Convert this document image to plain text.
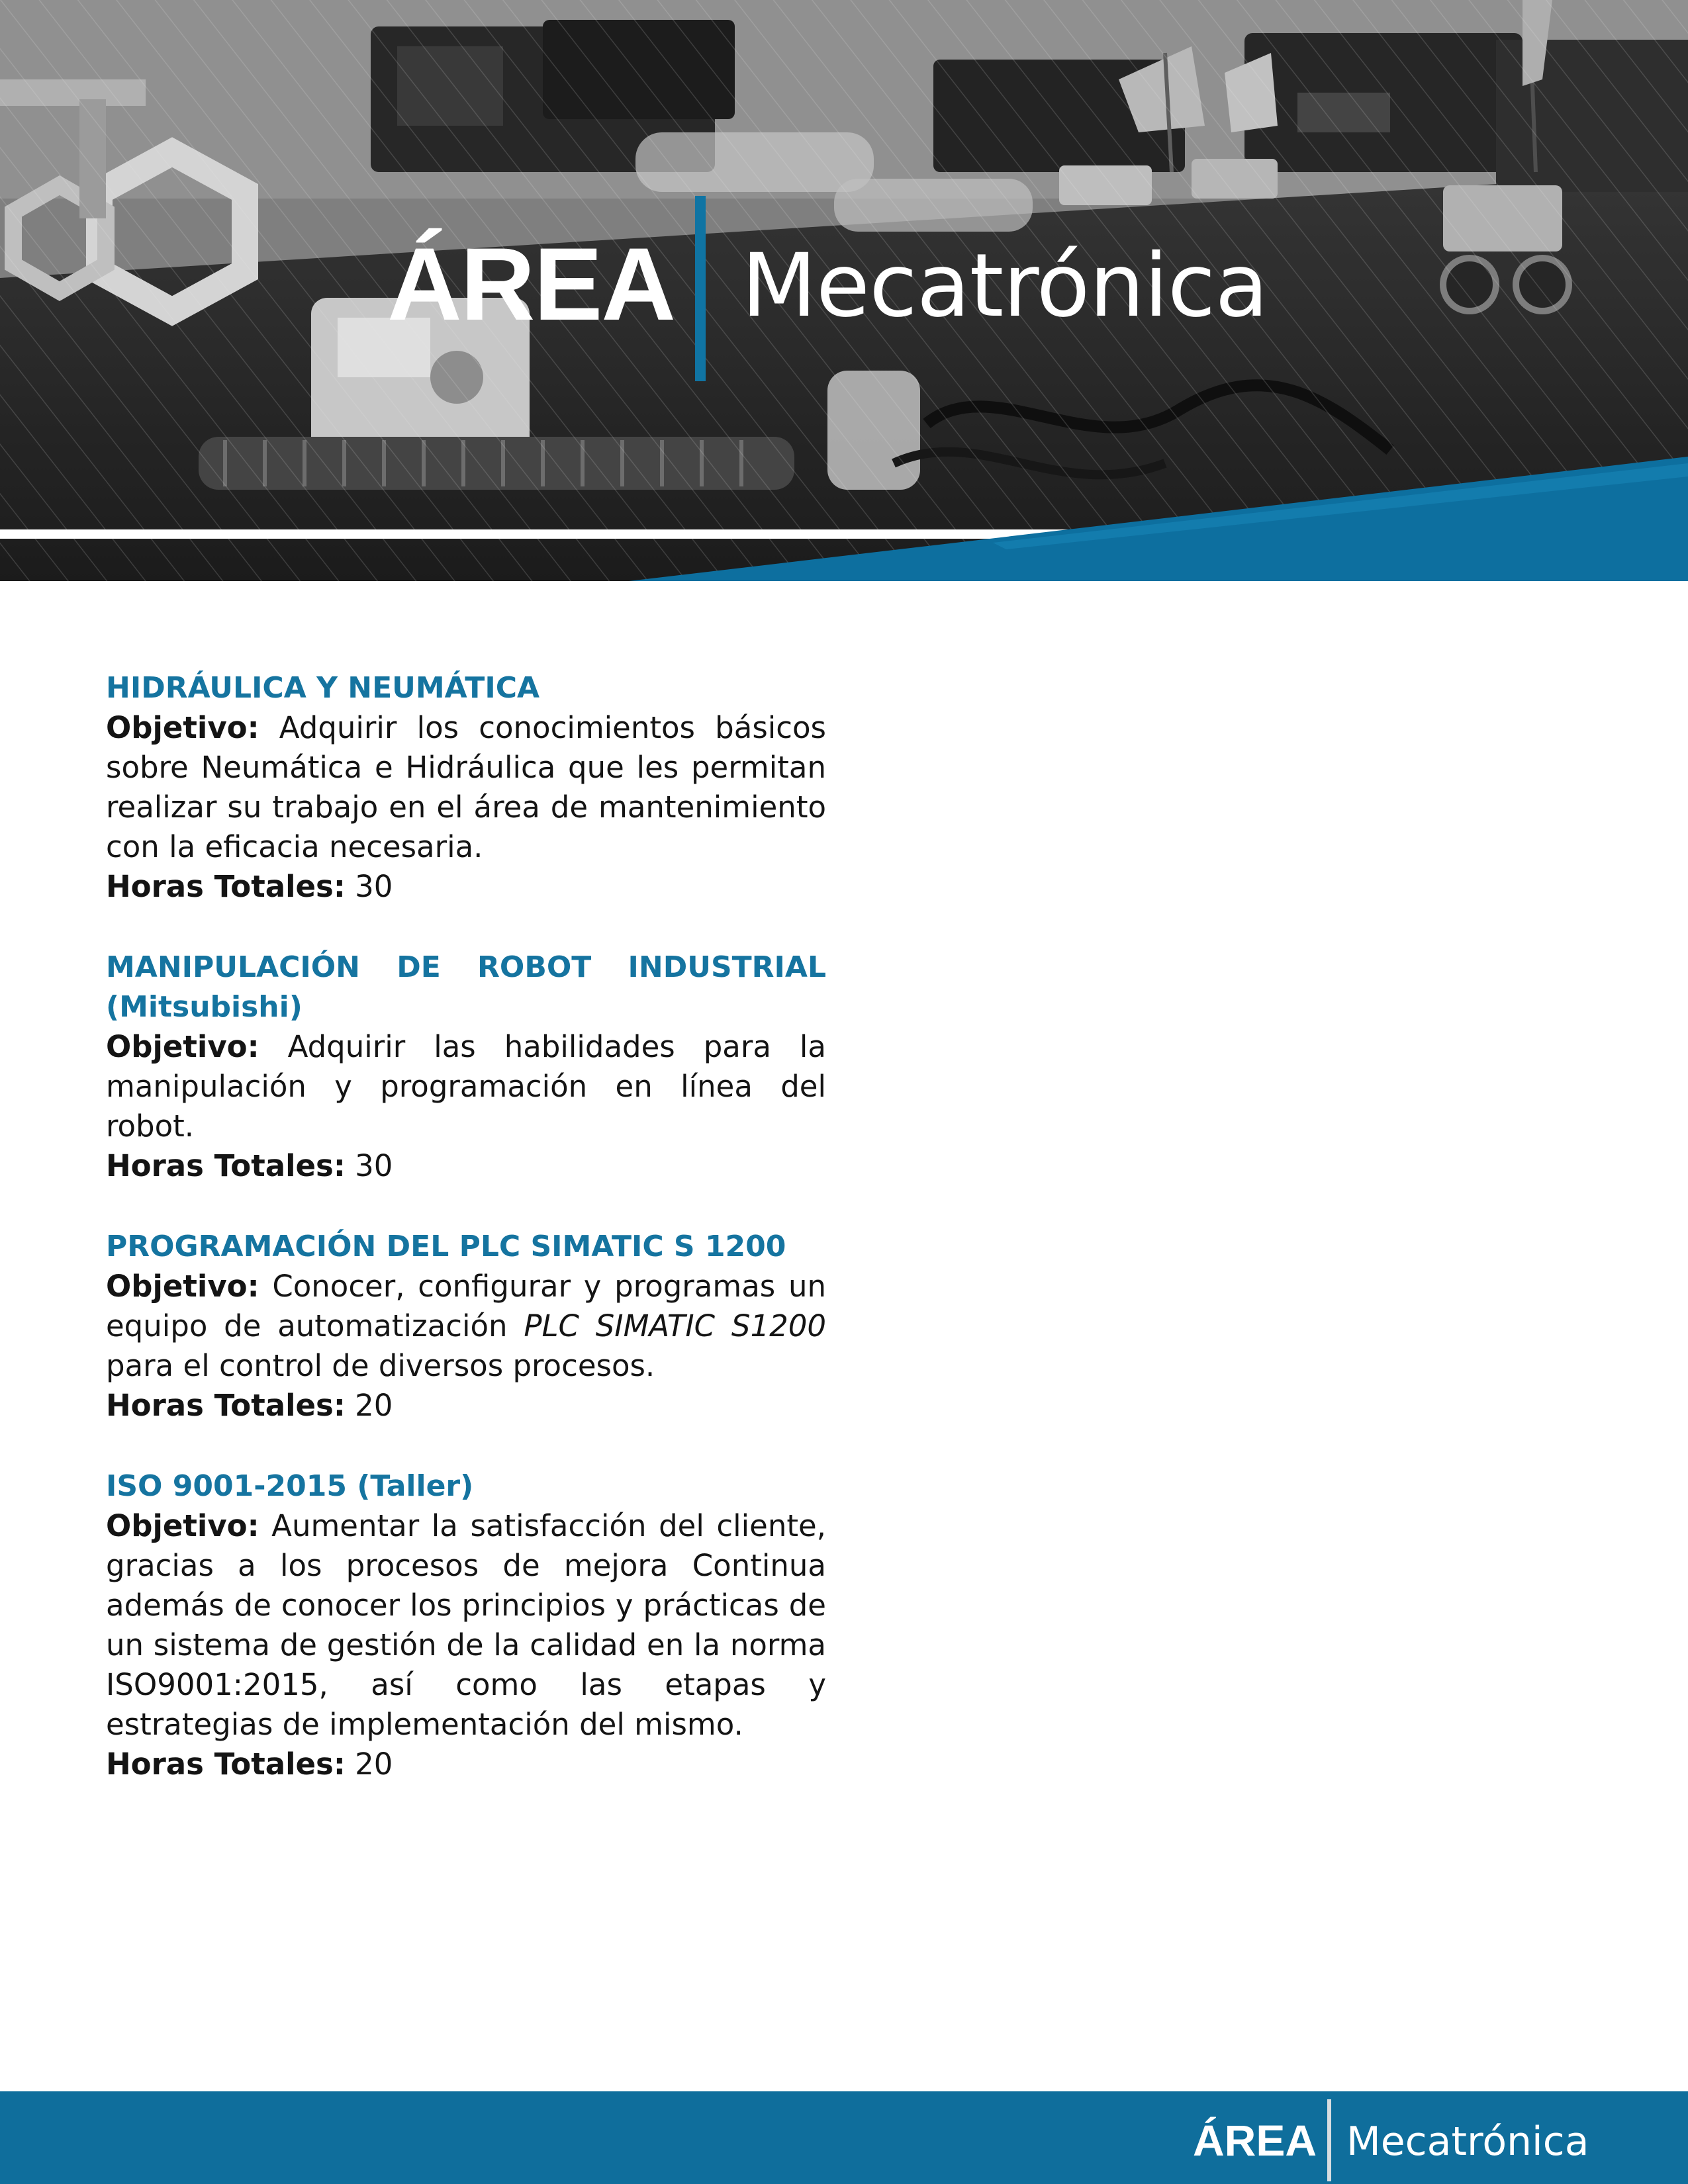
ÁREA Mecatrónica
HIDRÁULICA Y NEUMÁTICA
Objetivo: Adquirir los conocimientos básicos sobre Neumática e Hidráulica que les permitan realizar su trabajo en el área de mantenimiento con la eficacia necesaria.
Horas Totales: 30
MANIPULACIÓN DE ROBOT INDUSTRIAL (Mitsubishi)
Objetivo: Adquirir las habilidades para la manipulación y programación en línea del robot.
Horas Totales: 30
PROGRAMACIÓN DEL PLC SIMATIC S 1200
Objetivo: Conocer, configurar y programas un equipo de automatización PLC SIMATIC S1200 para el control de diversos procesos.
Horas Totales: 20
ISO 9001-2015 (Taller)
Objetivo: Aumentar la satisfacción del cliente, gracias a los procesos de mejora Continua además de conocer los principios y prácticas de un sistema de gestión de la calidad en la norma ISO9001:2015, así como las etapas y estrategias de implementación del mismo.
Horas Totales: 20
ÁREA Mecatrónica
